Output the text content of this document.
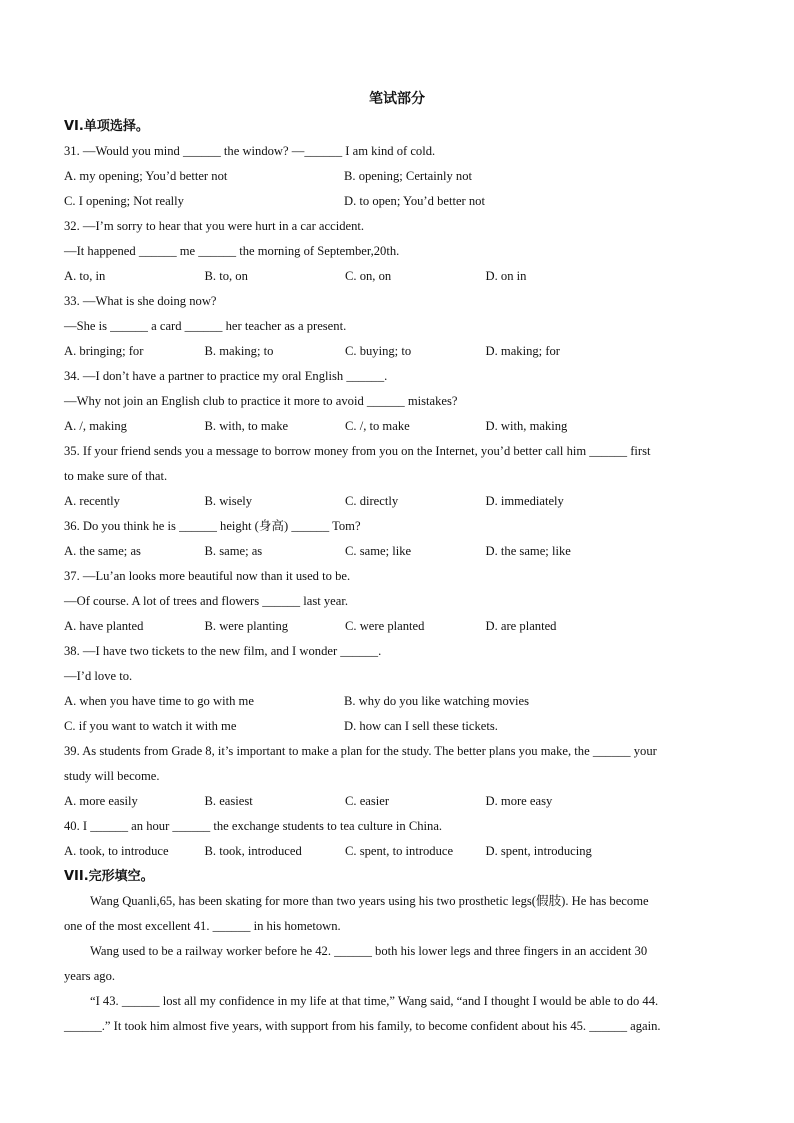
笔试部分
VI.单项选择。
31. —Would you mind ______ the window? —______ I am kind of cold.
A. my opening; You’d better not	B. opening; Certainly not
C. I opening; Not really	D. to open; You’d better not
32. —I’m sorry to hear that you were hurt in a car accident.
—It happened ______ me ______ the morning of September,20th.
A. to, in	B. to, on	C. on, on	D. on in
33. —What is she doing now?
—She is ______ a card ______ her teacher as a present.
A. bringing; for	B. making; to	C. buying; to	D. making; for
34. —I don’t have a partner to practice my oral English ______.
—Why not join an English club to practice it more to avoid ______ mistakes?
A. /, making	B. with, to make	C. /, to make	D. with, making
35. If your friend sends you a message to borrow money from you on the Internet, you’d better call him ______ first
to make sure of that.
A. recently	B. wisely	C. directly	D. immediately
36. Do you think he is ______ height (身高) ______ Tom?
A. the same; as	B. same; as	C. same; like	D. the same; like
37. —Lu’an looks more beautiful now than it used to be.
—Of course. A lot of trees and flowers ______ last year.
A. have planted	B. were planting	C. were planted	D. are planted
38. —I have two tickets to the new film, and I wonder ______.
—I’d love to.
A. when you have time to go with me	B. why do you like watching movies
C. if you want to watch it with me	D. how can I sell these tickets.
39. As students from Grade 8, it’s important to make a plan for the study. The better plans you make, the ______ your
study will become.
A. more easily	B. easiest	C. easier	D. more easy
40. I ______ an hour ______ the exchange students to tea culture in China.
A. took, to introduce	B. took, introduced	C. spent, to introduce	D. spent, introducing
VII.完形填空。
Wang Quanli,65, has been skating for more than two years using his two prosthetic legs(假肢). He has become
one of the most excellent 41. ______ in his hometown.
Wang used to be a railway worker before he 42. ______ both his lower legs and three fingers in an accident 30
years ago.
“I 43. ______ lost all my confidence in my life at that time,” Wang said, “and I thought I would be able to do 44.
______.” It took him almost five years, with support from his family, to become confident about his 45. ______ again.
